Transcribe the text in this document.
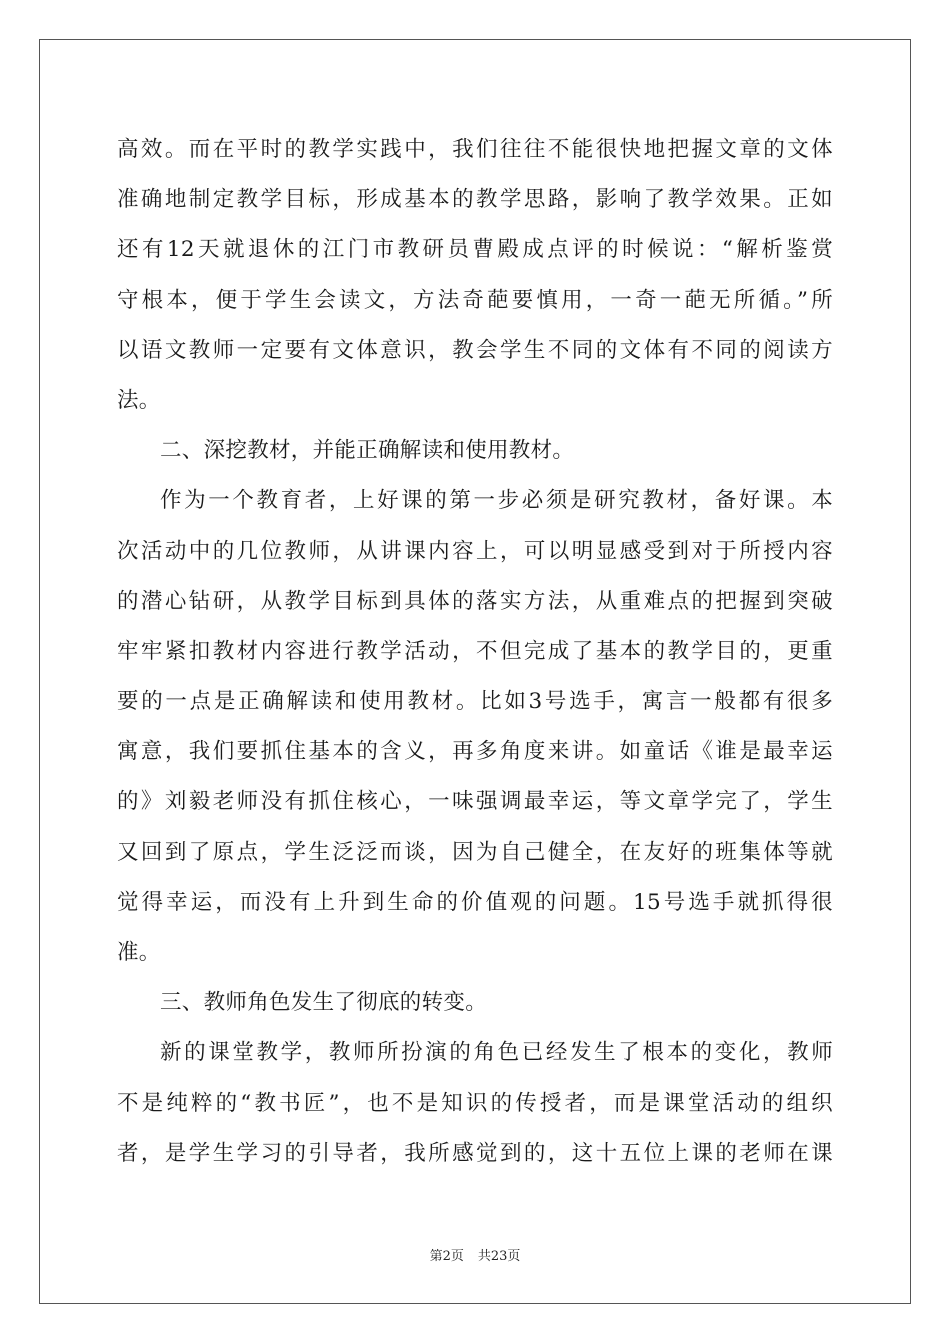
高效。而在平时的教学实践中，我们往往不能很快地把握文章的文体
准确地制定教学目标，形成基本的教学思路，影响了教学效果。正如
还有12天就退休的江门市教研员曹殿成点评的时候说：“解析鉴赏
守根本，便于学生会读文，方法奇葩要慎用，一奇一葩无所循。”所
以语文教师一定要有文体意识，教会学生不同的文体有不同的阅读方
法。
二、深挖教材，并能正确解读和使用教材。
作为一个教育者，上好课的第一步必须是研究教材，备好课。本
次活动中的几位教师，从讲课内容上，可以明显感受到对于所授内容
的潜心钻研，从教学目标到具体的落实方法，从重难点的把握到突破
牢牢紧扣教材内容进行教学活动，不但完成了基本的教学目的，更重
要的一点是正确解读和使用教材。比如3号选手，寓言一般都有很多
寓意，我们要抓住基本的含义，再多角度来讲。如童话《谁是最幸运
的》刘毅老师没有抓住核心，一味强调最幸运，等文章学完了，学生
又回到了原点，学生泛泛而谈，因为自己健全，在友好的班集体等就
觉得幸运，而没有上升到生命的价值观的问题。15号选手就抓得很
准。
三、教师角色发生了彻底的转变。
新的课堂教学，教师所扮演的角色已经发生了根本的变化，教师
不是纯粹的“教书匠”，也不是知识的传授者，而是课堂活动的组织
者，是学生学习的引导者，我所感觉到的，这十五位上课的老师在课
第2页 共23页
